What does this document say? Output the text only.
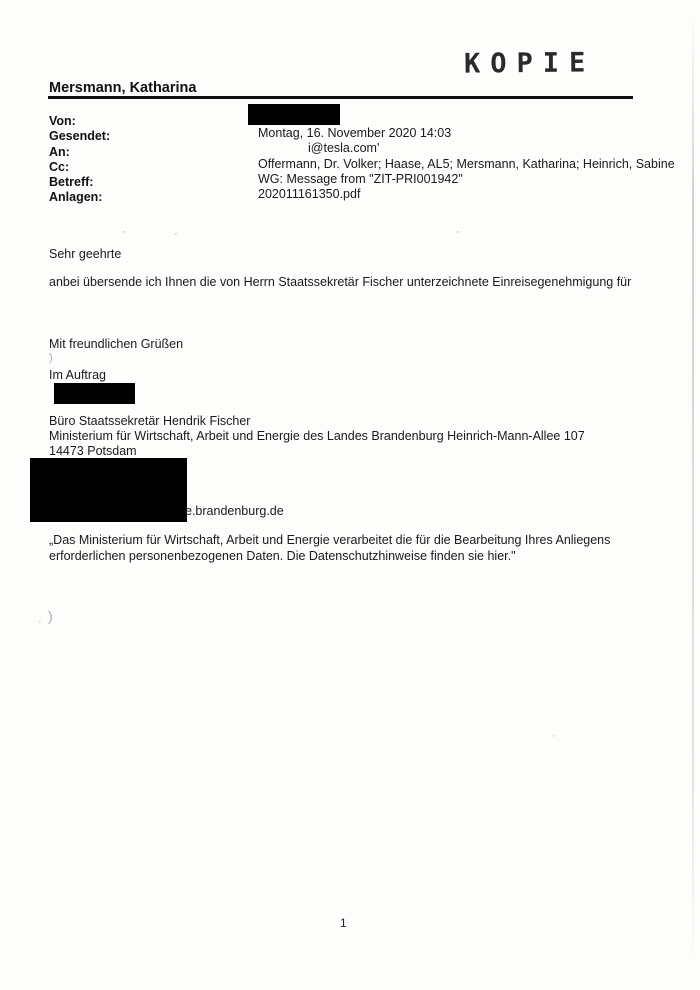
KOPIE
Mersmann, Katharina
Von:
Gesendet:
An:
Cc:
Betreff:
Anlagen:
Montag, 16. November 2020 14:03
i@tesla.com'
Offermann, Dr. Volker; Haase, AL5; Mersmann, Katharina; Heinrich, Sabine
WG: Message from "ZIT-PRI001942"
202011161350.pdf
·	·	·
Sehr geehrte
anbei übersende ich Ihnen die von Herrn Staatssekretär Fischer unterzeichnete Einreisegenehmigung für
Mit freundlichen Grüßen
)
Im Auftrag
Büro Staatssekretär Hendrik Fischer
Ministerium für Wirtschaft, Arbeit und Energie des Landes Brandenburg Heinrich-Mann-Allee 107
14473 Potsdam
e.brandenburg.de
„Das Ministerium für Wirtschaft, Arbeit und Energie verarbeitet die für die Bearbeitung Ihres Anliegens
erforderlichen personenbezogenen Daten. Die Datenschutzhinweise finden sie hier."
)
·
·
1
